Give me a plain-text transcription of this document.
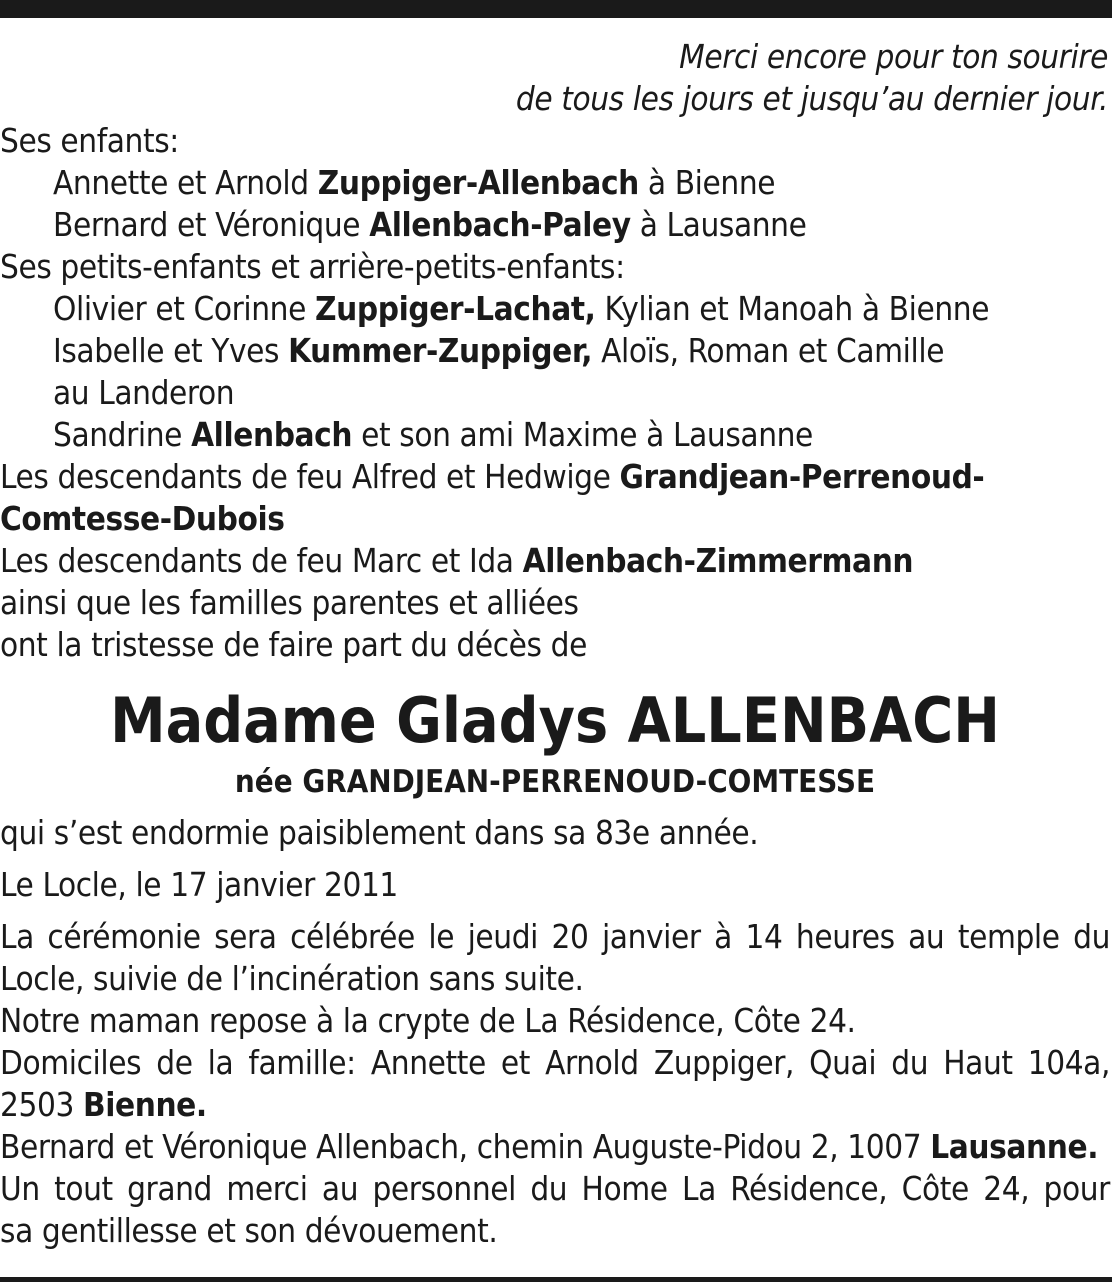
Merci encore pour ton sourire
de tous les jours et jusqu’au dernier jour.
Ses enfants:
Annette et Arnold Zuppiger-Allenbach à Bienne
Bernard et Véronique Allenbach-Paley à Lausanne
Ses petits-enfants et arrière-petits-enfants:
Olivier et Corinne Zuppiger-Lachat, Kylian et Manoah à Bienne
Isabelle et Yves Kummer-Zuppiger, Aloïs, Roman et Camille
au Landeron
Sandrine Allenbach et son ami Maxime à Lausanne
Les descendants de feu Alfred et Hedwige Grandjean-Perrenoud-
Comtesse-Dubois
Les descendants de feu Marc et Ida Allenbach-Zimmermann
ainsi que les familles parentes et alliées
ont la tristesse de faire part du décès de
Madame Gladys ALLENBACH
née GRANDJEAN-PERRENOUD-COMTESSE
qui s’est endormie paisiblement dans sa 83e année.
Le Locle, le 17 janvier 2011
La cérémonie sera célébrée le jeudi 20 janvier à 14 heures au temple du
Locle, suivie de l’incinération sans suite.
Notre maman repose à la crypte de La Résidence, Côte 24.
Domiciles de la famille: Annette et Arnold Zuppiger, Quai du Haut 104a,
2503 Bienne.
Bernard et Véronique Allenbach, chemin Auguste-Pidou 2, 1007 Lausanne.
Un tout grand merci au personnel du Home La Résidence, Côte 24, pour
sa gentillesse et son dévouement.
